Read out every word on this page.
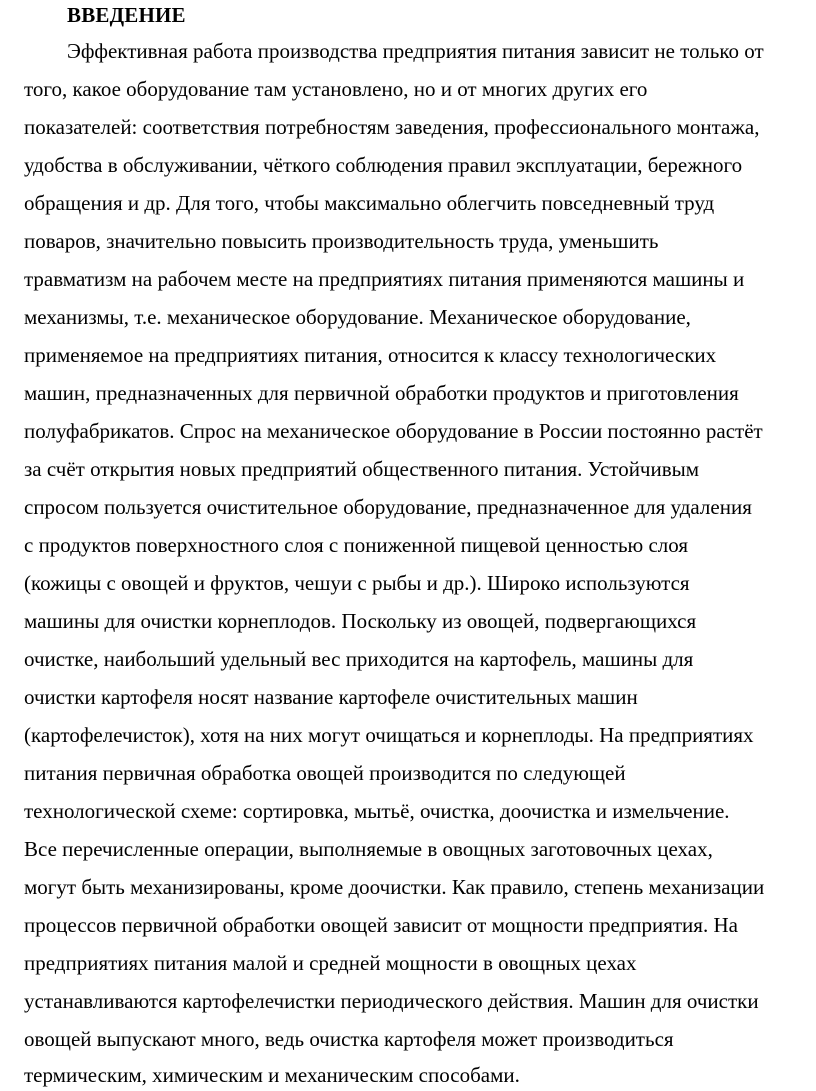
ВВЕДЕНИЕ
Эффективная работа производства предприятия питания зависит не только от
того, какое оборудование там установлено, но и от многих других его
показателей: соответствия потребностям заведения, профессионального монтажа,
удобства в обслуживании, чёткого соблюдения правил эксплуатации, бережного
обращения и др. Для того, чтобы максимально облегчить повседневный труд
поваров, значительно повысить производительность труда, уменьшить
травматизм на рабочем месте на предприятиях питания применяются машины и
механизмы, т.е. механическое оборудование. Механическое оборудование,
применяемое на предприятиях питания, относится к классу технологических
машин, предназначенных для первичной обработки продуктов и приготовления
полуфабрикатов. Спрос на механическое оборудование в России постоянно растёт
за счёт открытия новых предприятий общественного питания. Устойчивым
спросом пользуется очистительное оборудование, предназначенное для удаления
с продуктов поверхностного слоя с пониженной пищевой ценностью слоя
(кожицы с овощей и фруктов, чешуи с рыбы и др.). Широко используются
машины для очистки корнеплодов. Поскольку из овощей, подвергающихся
очистке, наибольший удельный вес приходится на картофель, машины для
очистки картофеля носят название картофеле очистительных машин
(картофелечисток), хотя на них могут очищаться и корнеплоды. На предприятиях
питания первичная обработка овощей производится по следующей
технологической схеме: сортировка, мытьё, очистка, доочистка и измельчение.
Все перечисленные операции, выполняемые в овощных заготовочных цехах,
могут быть механизированы, кроме доочистки. Как правило, степень механизации
процессов первичной обработки овощей зависит от мощности предприятия. На
предприятиях питания малой и средней мощности в овощных цехах
устанавливаются картофелечистки периодического действия. Машин для очистки
овощей выпускают много, ведь очистка картофеля может производиться
термическим, химическим и механическим способами.
